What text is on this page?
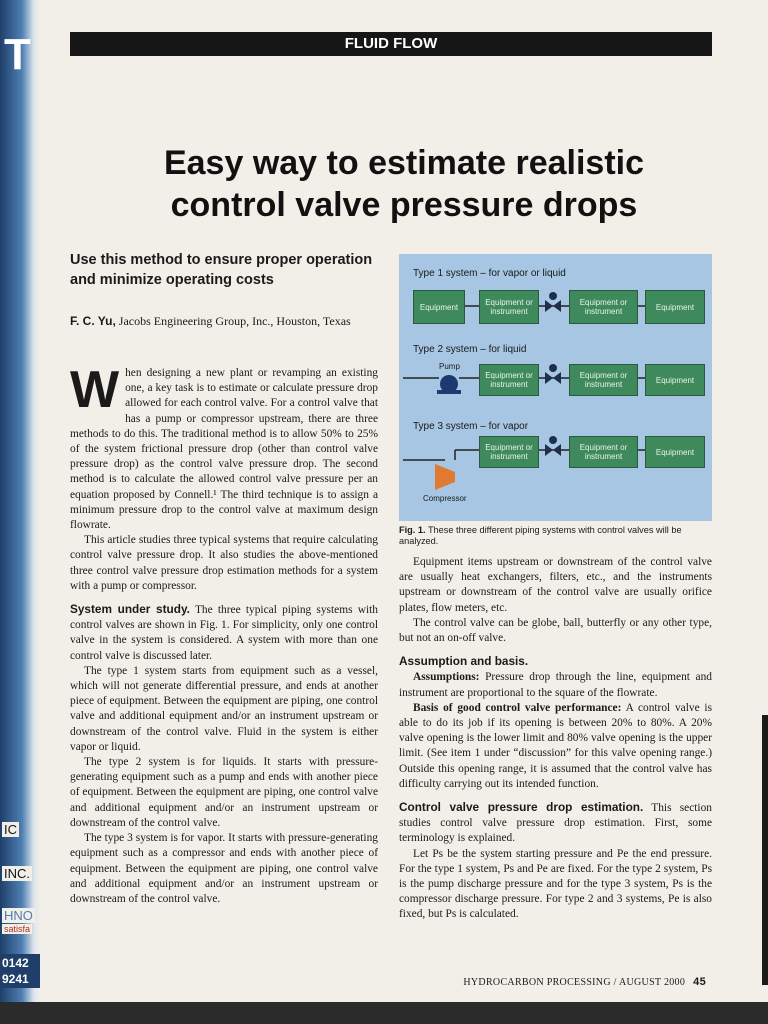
T
IC
INC.
HNO
satisfa
0142
9241
FLUID FLOW
Easy way to estimate realistic
control valve pressure drops
Use this method to ensure proper operation and minimize operating costs
F. C. Yu, Jacobs Engineering Group, Inc., Houston, Texas

When designing a new plant or revamping an existing one, a key task is to estimate or calculate pressure drop allowed for each control valve. For a control valve that has a pump or compressor upstream, there are three methods to do this. The traditional method is to allow 50% to 25% of the system frictional pressure drop (other than control valve pressure drop) as the control valve pressure drop. The second method is to calculate the allowed control valve pressure per an equation proposed by Connell.¹ The third technique is to assign a minimum pressure drop to the control valve at maximum design flowrate.

This article studies three typical systems that require calculating control valve pressure drop. It also studies the above-mentioned three control valve pressure drop estimation methods for a system with a pump or compressor.

System under study. The three typical piping systems with control valves are shown in Fig. 1. For simplicity, only one control valve in the system is considered. A system with more than one control valve is discussed later.

The type 1 system starts from equipment such as a vessel, which will not generate differential pressure, and ends at another piece of equipment. Between the equipment are piping, one control valve and additional equipment and/or an instrument upstream or downstream of the control valve. Fluid in the system is either vapor or liquid.

The type 2 system is for liquids. It starts with pressure-generating equipment such as a pump and ends with another piece of equipment. Between the equipment are piping, one control valve and additional equipment and/or an instrument upstream or downstream of the control valve.

The type 3 system is for vapor. It starts with pressure-generating equipment such as a compressor and ends with another piece of equipment. Between the equipment are piping, one control valve and additional equipment and/or an instrument upstream or downstream of the control valve.

Type 1 system – for vapor or liquid
Equipment	Equipment or instrument
Equipment or instrument	Equipment
Type 2 system – for liquid
Pump
Equipment or instrument
Equipment or instrument	Equipment
Type 3 system – for vapor
Equipment or instrument
Equipment or instrument	Equipment
Compressor
Fig. 1. These three different piping systems with control valves will be analyzed.

Equipment items upstream or downstream of the control valve are usually heat exchangers, filters, etc., and the instruments upstream or downstream of the control valve are usually orifice plates, flow meters, etc.

The control valve can be globe, ball, butterfly or any other type, but not an on-off valve.

Assumption and basis.

Assumptions: Pressure drop through the line, equipment and instrument are proportional to the square of the flowrate.

Basis of good control valve performance: A control valve is able to do its job if its opening is between 20% to 80%. A 20% valve opening is the lower limit and 80% valve opening is the upper limit. (See item 1 under “discussion” for this valve opening range.) Outside this opening range, it is assumed that the control valve has difficulty carrying out its intended function.

Control valve pressure drop estimation. This section studies control valve pressure drop estimation. First, some terminology is explained.

Let Ps be the system starting pressure and Pe the end pressure. For the type 1 system, Ps and Pe are fixed. For the type 2 system, Ps is the pump discharge pressure and for the type 3 system, Ps is the compressor discharge pressure. For type 2 and 3 systems, Pe is also fixed, but Ps is calculated.

HYDROCARBON PROCESSING / AUGUST 2000 45
